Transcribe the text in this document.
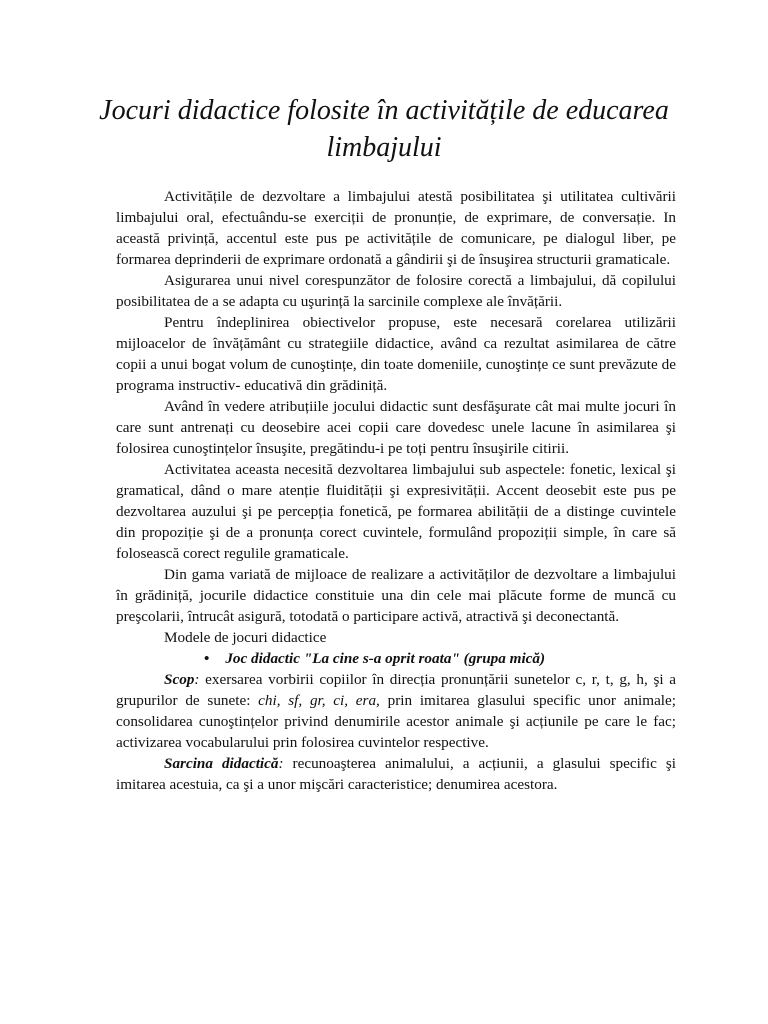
Jocuri didactice folosite în activitățile de educarea limbajului

Activitățile de dezvoltare a limbajului atestă posibilitatea şi utilitatea cultivării limbajului oral, efectuându-se exerciții de pronunție, de exprimare, de conversație. In această privință, accentul este pus pe activitățile de comunicare, pe dialogul liber, pe formarea deprinderii de exprimare ordonată a gândirii şi de însuşirea structurii gramaticale.

Asigurarea unui nivel corespunzător de folosire corectă a limbajului, dă copilului posibilitatea de a se adapta cu uşurință la sarcinile complexe ale învățării.

Pentru îndeplinirea obiectivelor propuse, este necesară corelarea utilizării mijloacelor de învățământ cu strategiile didactice, având ca rezultat asimilarea de către copii a unui bogat volum de cunoştințe, din toate domeniile, cunoştințe ce sunt prevăzute de programa instructiv- educativă din grădiniță.

Având în vedere atribuțiile jocului didactic sunt desfăşurate cât mai multe jocuri în care sunt antrenați cu deosebire acei copii care dovedesc unele lacune în asimilarea şi folosirea cunoştințelor însuşite, pregătindu-i pe toți pentru însuşirile citirii.

Activitatea aceasta necesită dezvoltarea limbajului sub aspectele: fonetic, lexical şi gramatical, dând o mare atenție fluidității şi expresivității. Accent deosebit este pus pe dezvoltarea auzului şi pe percepția fonetică, pe formarea abilității de a distinge cuvintele din propoziție şi de a pronunța corect cuvintele, formulând propoziții simple, în care să folosească corect regulile gramaticale.

Din gama variată de mijloace de realizare a activităților de dezvoltare a limbajului în grădiniță, jocurile didactice constituie una din cele mai plăcute forme de muncă cu preşcolarii, întrucât asigură, totodată o participare activă, atractivă şi deconectantă.

Modele de jocuri didactice

• Joc didactic "La cine s-a oprit roata" (grupa mică)

Scop: exersarea vorbirii copiilor în direcția pronunțării sunetelor c, r, t, g, h, şi a grupurilor de sunete: chi, sf, gr, ci, era, prin imitarea glasului specific unor animale; consolidarea cunoştințelor privind denumirile acestor animale şi acțiunile pe care le fac; activizarea vocabularului prin folosirea cuvintelor respective.

Sarcina didactică: recunoaşterea animalului, a acțiunii, a glasului specific şi imitarea acestuia, ca şi a unor mişcări caracteristice; denumirea acestora.
